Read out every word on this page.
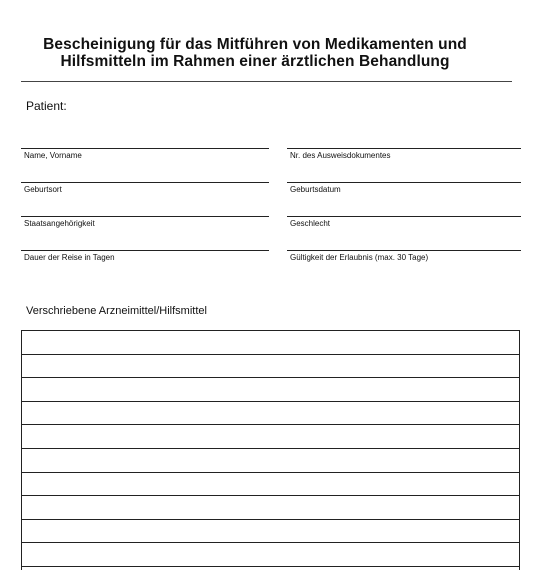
Bescheinigung für das Mitführen von Medikamenten und
Hilfsmitteln im Rahmen einer ärztlichen Behandlung
Patient:
Name, Vorname	Nr. des Ausweisdokumentes
Geburtsort	Geburtsdatum
Staatsangehörigkeit	Geschlecht
Dauer der Reise in Tagen	Gültigkeit der Erlaubnis (max. 30 Tage)
Verschriebene Arzneimittel/Hilfsmittel
